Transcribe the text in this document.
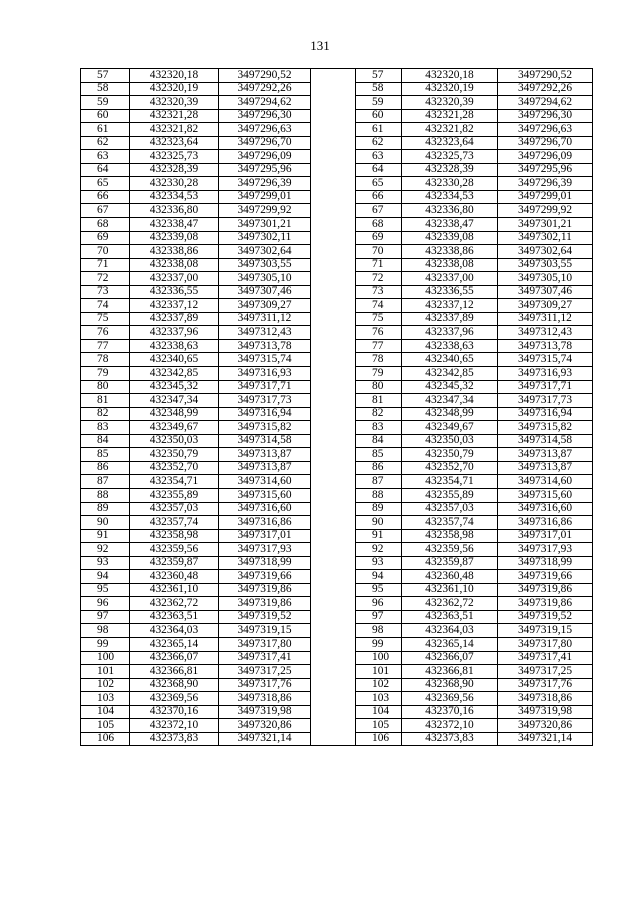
131
57	432320,18	3497290,52		57	432320,18	3497290,52
58	432320,19	3497292,26		58	432320,19	3497292,26
59	432320,39	3497294,62		59	432320,39	3497294,62
60	432321,28	3497296,30		60	432321,28	3497296,30
61	432321,82	3497296,63		61	432321,82	3497296,63
62	432323,64	3497296,70		62	432323,64	3497296,70
63	432325,73	3497296,09		63	432325,73	3497296,09
64	432328,39	3497295,96		64	432328,39	3497295,96
65	432330,28	3497296,39		65	432330,28	3497296,39
66	432334,53	3497299,01		66	432334,53	3497299,01
67	432336,80	3497299,92		67	432336,80	3497299,92
68	432338,47	3497301,21		68	432338,47	3497301,21
69	432339,08	3497302,11		69	432339,08	3497302,11
70	432338,86	3497302,64		70	432338,86	3497302,64
71	432338,08	3497303,55		71	432338,08	3497303,55
72	432337,00	3497305,10		72	432337,00	3497305,10
73	432336,55	3497307,46		73	432336,55	3497307,46
74	432337,12	3497309,27		74	432337,12	3497309,27
75	432337,89	3497311,12		75	432337,89	3497311,12
76	432337,96	3497312,43		76	432337,96	3497312,43
77	432338,63	3497313,78		77	432338,63	3497313,78
78	432340,65	3497315,74		78	432340,65	3497315,74
79	432342,85	3497316,93		79	432342,85	3497316,93
80	432345,32	3497317,71		80	432345,32	3497317,71
81	432347,34	3497317,73		81	432347,34	3497317,73
82	432348,99	3497316,94		82	432348,99	3497316,94
83	432349,67	3497315,82		83	432349,67	3497315,82
84	432350,03	3497314,58		84	432350,03	3497314,58
85	432350,79	3497313,87		85	432350,79	3497313,87
86	432352,70	3497313,87		86	432352,70	3497313,87
87	432354,71	3497314,60		87	432354,71	3497314,60
88	432355,89	3497315,60		88	432355,89	3497315,60
89	432357,03	3497316,60		89	432357,03	3497316,60
90	432357,74	3497316,86		90	432357,74	3497316,86
91	432358,98	3497317,01		91	432358,98	3497317,01
92	432359,56	3497317,93		92	432359,56	3497317,93
93	432359,87	3497318,99		93	432359,87	3497318,99
94	432360,48	3497319,66		94	432360,48	3497319,66
95	432361,10	3497319,86		95	432361,10	3497319,86
96	432362,72	3497319,86		96	432362,72	3497319,86
97	432363,51	3497319,52		97	432363,51	3497319,52
98	432364,03	3497319,15		98	432364,03	3497319,15
99	432365,14	3497317,80		99	432365,14	3497317,80
100	432366,07	3497317,41		100	432366,07	3497317,41
101	432366,81	3497317,25		101	432366,81	3497317,25
102	432368,90	3497317,76		102	432368,90	3497317,76
103	432369,56	3497318,86		103	432369,56	3497318,86
104	432370,16	3497319,98		104	432370,16	3497319,98
105	432372,10	3497320,86		105	432372,10	3497320,86
106	432373,83	3497321,14		106	432373,83	3497321,14
